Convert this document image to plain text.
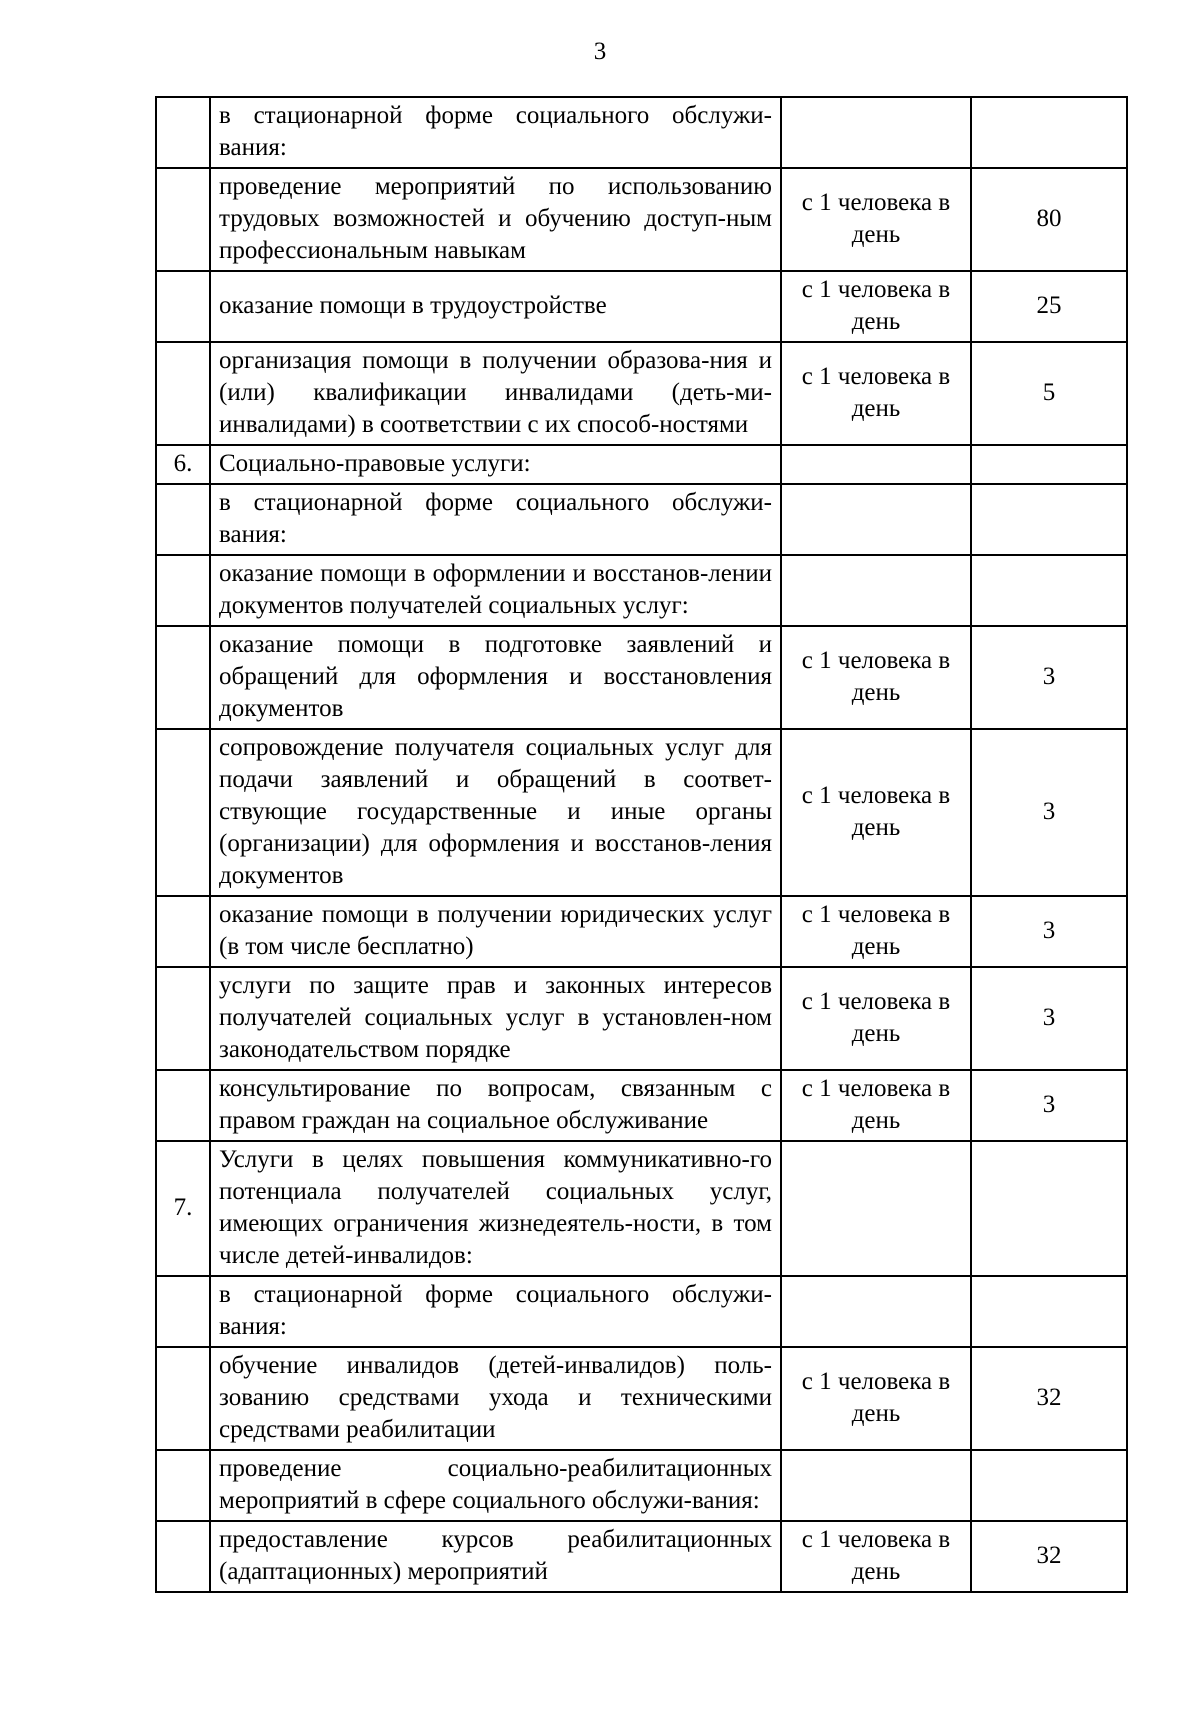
3
	в стационарной форме социального обслужи-вания:		
	проведение мероприятий по использованию трудовых возможностей и обучению доступ-ным профессиональным навыкам	с 1 человека в день	80
	оказание помощи в трудоустройстве	с 1 человека в день	25
	организация помощи в получении образова-ния и (или) квалификации инвалидами (деть-ми-инвалидами) в соответствии с их способ-ностями	с 1 человека в день	5
6.	Социально-правовые услуги:		
	в стационарной форме социального обслужи-вания:		
	оказание помощи в оформлении и восстанов-лении документов получателей социальных услуг:		
	оказание помощи в подготовке заявлений и обращений для оформления и восстановления документов	с 1 человека в день	3
	сопровождение получателя социальных услуг для подачи заявлений и обращений в соответ-ствующие государственные и иные органы (организации) для оформления и восстанов-ления документов	с 1 человека в день	3
	оказание помощи в получении юридических услуг (в том числе бесплатно)	с 1 человека в день	3
	услуги по защите прав и законных интересов получателей социальных услуг в установлен-ном законодательством порядке	с 1 человека в день	3
	консультирование по вопросам, связанным с правом граждан на социальное обслуживание	с 1 человека в день	3
7.	Услуги в целях повышения коммуникативно-го потенциала получателей социальных услуг, имеющих ограничения жизнедеятель-ности, в том числе детей-инвалидов:		
	в стационарной форме социального обслужи-вания:		
	обучение инвалидов (детей-инвалидов) поль-зованию средствами ухода и техническими средствами реабилитации	с 1 человека в день	32
	проведение социально-реабилитационных мероприятий в сфере социального обслужи-вания:		
	предоставление курсов реабилитационных (адаптационных) мероприятий	с 1 человека в день	32
